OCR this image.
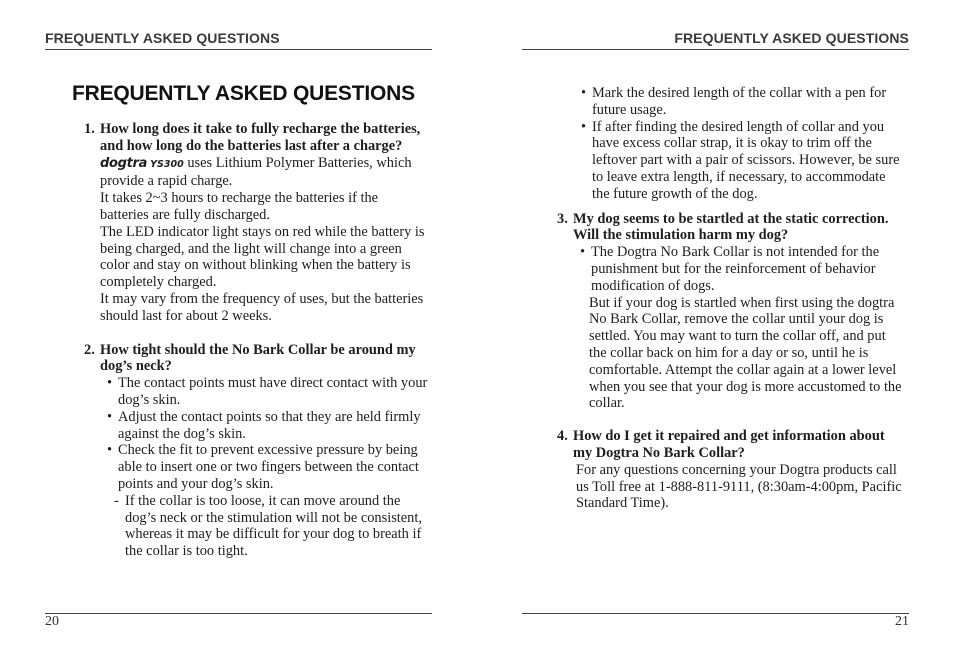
FREQUENTLY ASKED QUESTIONS
FREQUENTLY ASKED QUESTIONS
1. How long does it take to fully recharge the batteries, and how long do the batteries last after a charge?
dogtra YS300 uses Lithium Polymer Batteries, which provide a rapid charge.
It takes 2~3 hours to recharge the batteries if the batteries are fully discharged.
The LED indicator light stays on red while the battery is being charged, and the light will change into a green color and stay on without blinking when the battery is completely charged.
It may vary from the frequency of uses, but the batteries should last for about 2 weeks.
2. How tight should the No Bark Collar be around my dog’s neck?
• The contact points must have direct contact with your dog’s skin.
• Adjust the contact points so that they are held firmly against the dog’s skin.
• Check the fit to prevent excessive pressure by being able to insert one or two fingers between the contact points and your dog’s skin.
- If the collar is too loose, it can move around the dog’s neck or the stimulation will not be consistent, whereas it may be difficult for your dog to breath if the collar is too tight.
20
FREQUENTLY ASKED QUESTIONS
• Mark the desired length of the collar with a pen for future usage.
• If after finding the desired length of collar and you have excess collar strap, it is okay to trim off the leftover part with a pair of scissors. However, be sure to leave extra length, if necessary, to accommodate the future growth of the dog.
3. My dog seems to be startled at the static correction. Will the stimulation harm my dog?
• The Dogtra No Bark Collar is not intended for the punishment but for the reinforcement of behavior modification of dogs.
But if your dog is startled when first using the dogtra No Bark Collar, remove the collar until your dog is settled. You may want to turn the collar off, and put the collar back on him for a day or so, until he is comfortable. Attempt the collar again at a lower level when you see that your dog is more accustomed to the collar.
4. How do I get it repaired and get information about my Dogtra No Bark Collar?
For any questions concerning your Dogtra products call us Toll free at 1-888-811-9111, (8:30am-4:00pm, Pacific Standard Time).
21
